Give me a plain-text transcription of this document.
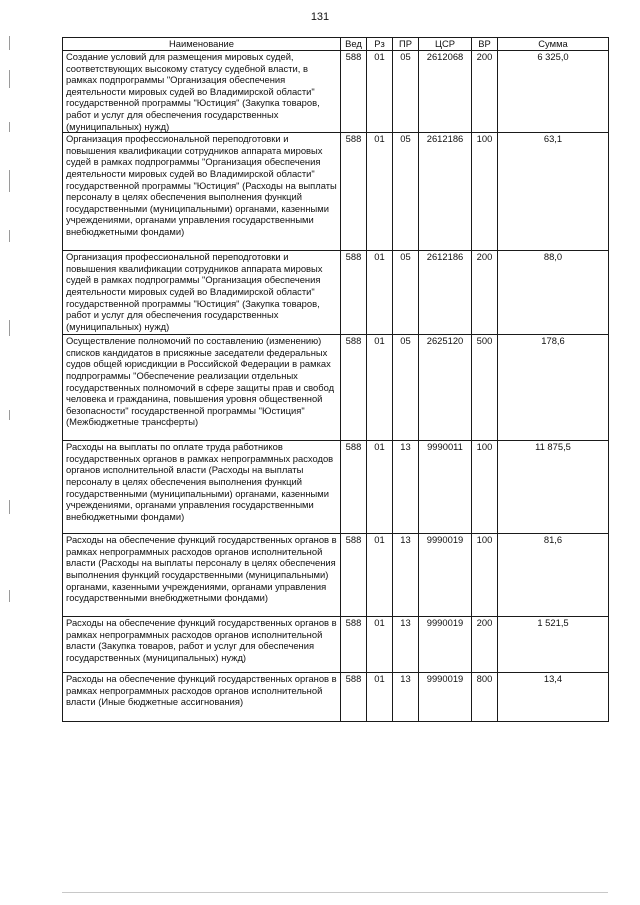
131
Наименование	Вед	Рз	ПР	ЦСР	ВР	Сумма
Создание условий для размещения мировых судей, соответствующих высокому статусу судебной власти, в рамках подпрограммы "Организация обеспечения деятельности мировых судей во Владимирской области" государственной программы "Юстиция" (Закупка товаров, работ и услуг для обеспечения государственных (муниципальных) нужд)	588	01	05	2612068	200	6 325,0
Организация профессиональной переподготовки и повышения квалификации сотрудников аппарата мировых судей в рамках подпрограммы "Организация обеспечения деятельности мировых судей во Владимирской области" государственной программы "Юстиция" (Расходы на выплаты персоналу в целях обеспечения выполнения функций государственными (муниципальными) органами, казенными учреждениями, органами управления государственными внебюджетными фондами)	588	01	05	2612186	100	63,1
Организация профессиональной переподготовки и повышения квалификации сотрудников аппарата мировых судей в рамках подпрограммы "Организация обеспечения деятельности мировых судей во Владимирской области" государственной программы "Юстиция" (Закупка товаров, работ и услуг для обеспечения государственных (муниципальных) нужд)	588	01	05	2612186	200	88,0
Осуществление полномочий по составлению (изменению) списков кандидатов в присяжные заседатели федеральных судов общей юрисдикции в Российской Федерации в рамках подпрограммы "Обеспечение реализации отдельных государственных полномочий в сфере защиты прав и свобод человека и гражданина, повышения уровня общественной безопасности" государственной программы "Юстиция" (Межбюджетные трансферты)	588	01	05	2625120	500	178,6
Расходы на выплаты по оплате труда работников государственных органов в рамках непрограммных расходов органов исполнительной власти (Расходы на выплаты персоналу в целях обеспечения выполнения функций государственными (муниципальными) органами, казенными учреждениями, органами управления государственными внебюджетными фондами)	588	01	13	9990011	100	11 875,5
Расходы на обеспечение функций государственных органов в рамках непрограммных расходов органов исполнительной власти (Расходы на выплаты персоналу в целях обеспечения выполнения функций государственными (муниципальными) органами, казенными учреждениями, органами управления государственными внебюджетными фондами)	588	01	13	9990019	100	81,6
Расходы на обеспечение функций государственных органов в рамках непрограммных расходов органов исполнительной власти (Закупка товаров, работ и услуг для обеспечения государственных (муниципальных) нужд)	588	01	13	9990019	200	1 521,5
Расходы на обеспечение функций государственных органов в рамках непрограммных расходов органов исполнительной власти (Иные бюджетные ассигнования)	588	01	13	9990019	800	13,4
